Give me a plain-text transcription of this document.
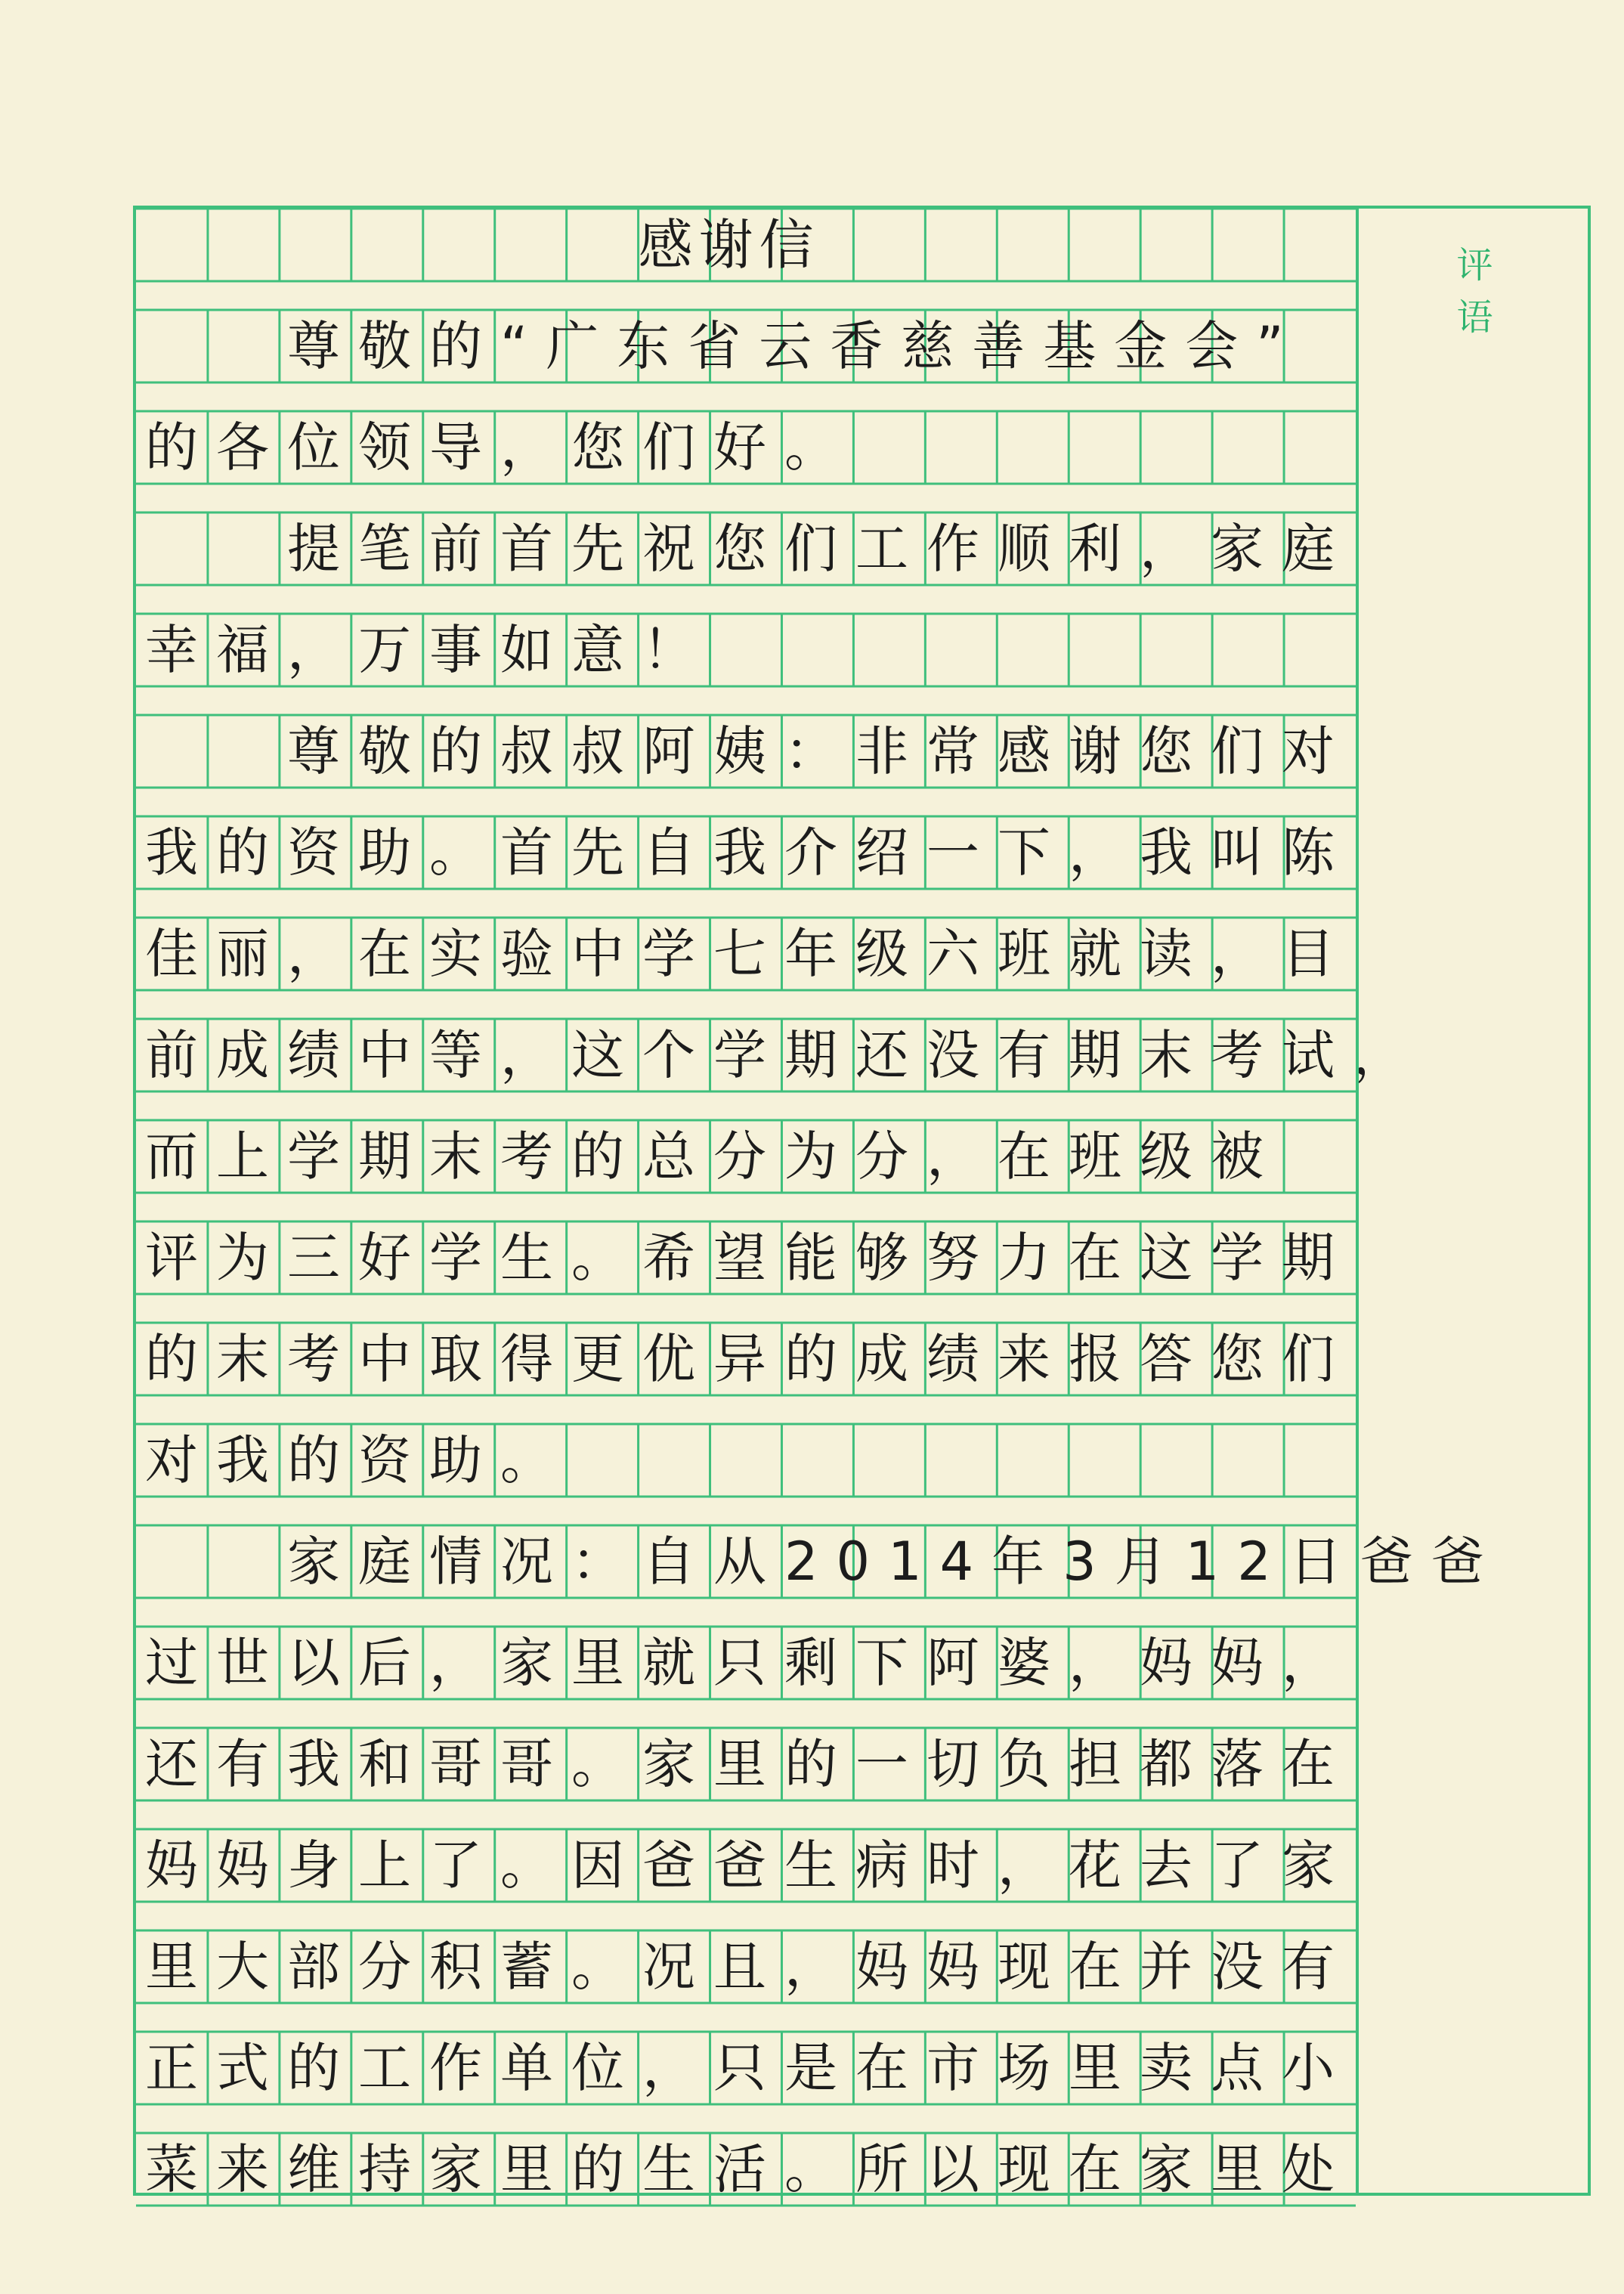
感谢信
　　尊敬的“广东省云香慈善基金会”
的各位领导，您们好。
　　提笔前首先祝您们工作顺利，家庭
幸福，万事如意！
　　尊敬的叔叔阿姨：非常感谢您们对
我的资助。首先自我介绍一下，我叫陈
佳丽，在实验中学七年级六班就读，目
前成绩中等，这个学期还没有期末考试，
而上学期末考的总分为分，在班级被
评为三好学生。希望能够努力在这学期
的末考中取得更优异的成绩来报答您们
对我的资助。
　　家庭情况：自从2014年3月12日爸爸
过世以后，家里就只剩下阿婆，妈妈，
还有我和哥哥。家里的一切负担都落在
妈妈身上了。因爸爸生病时，花去了家
里大部分积蓄。况且，妈妈现在并没有
正式的工作单位，只是在市场里卖点小
菜来维持家里的生活。所以现在家里处
评 语
